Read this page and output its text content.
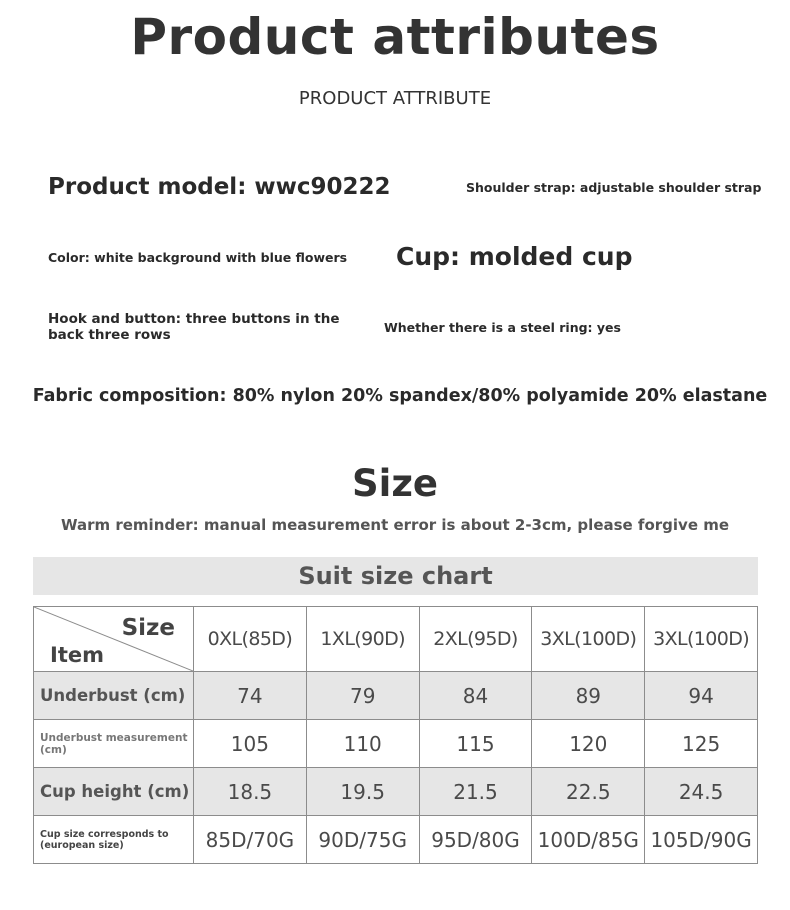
Product attributes
PRODUCT ATTRIBUTE
Product model: wwc90222	Shoulder strap: adjustable shoulder strap
Color: white background with blue flowers Cup: molded cup
Hook and button: three buttons in the back three rows	Whether there is a steel ring: yes
Fabric composition: 80% nylon 20% spandex/80% polyamide 20% elastane
Size
Warm reminder: manual measurement error is about 2-3cm, please forgive me
Suit size chart
Size
Item	0XL(85D)	1XL(90D)	2XL(95D)	3XL(100D)	3XL(100D)
Underbust (cm)	74	79	84	89	94
Underbust measurement (cm)	105	110	115	120	125
Cup height (cm)	18.5	19.5	21.5	22.5	24.5
Cup size corresponds to (european size)	85D/70G	90D/75G	95D/80G	100D/85G	105D/90G
